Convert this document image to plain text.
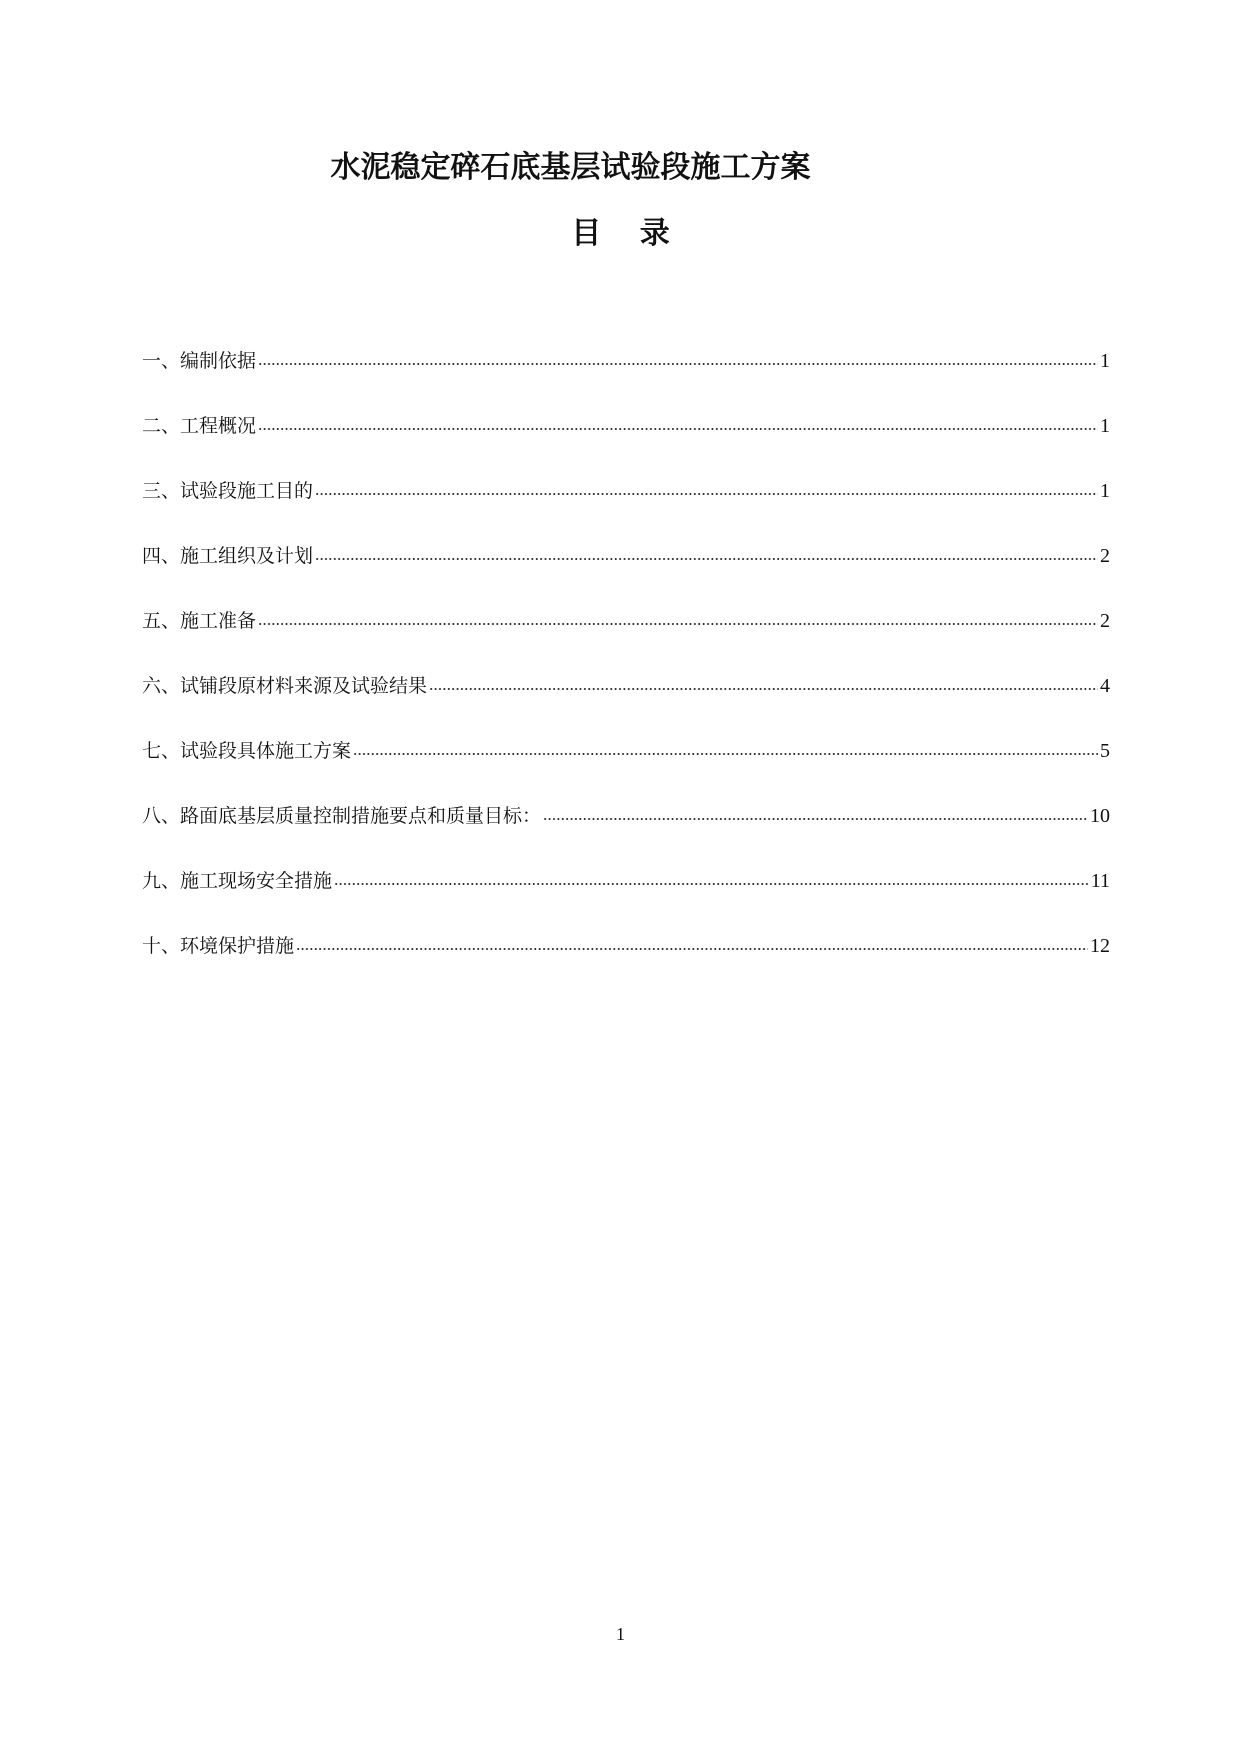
水泥稳定碎石底基层试验段施工方案
目 录
一、编制依据	1
二、工程概况	1
三、试验段施工目的	1
四、施工组织及计划	2
五、施工准备	2
六、试铺段原材料来源及试验结果	4
七、试验段具体施工方案	5
八、路面底基层质量控制措施要点和质量目标：	10
九、施工现场安全措施	11
十、环境保护措施	12
1
